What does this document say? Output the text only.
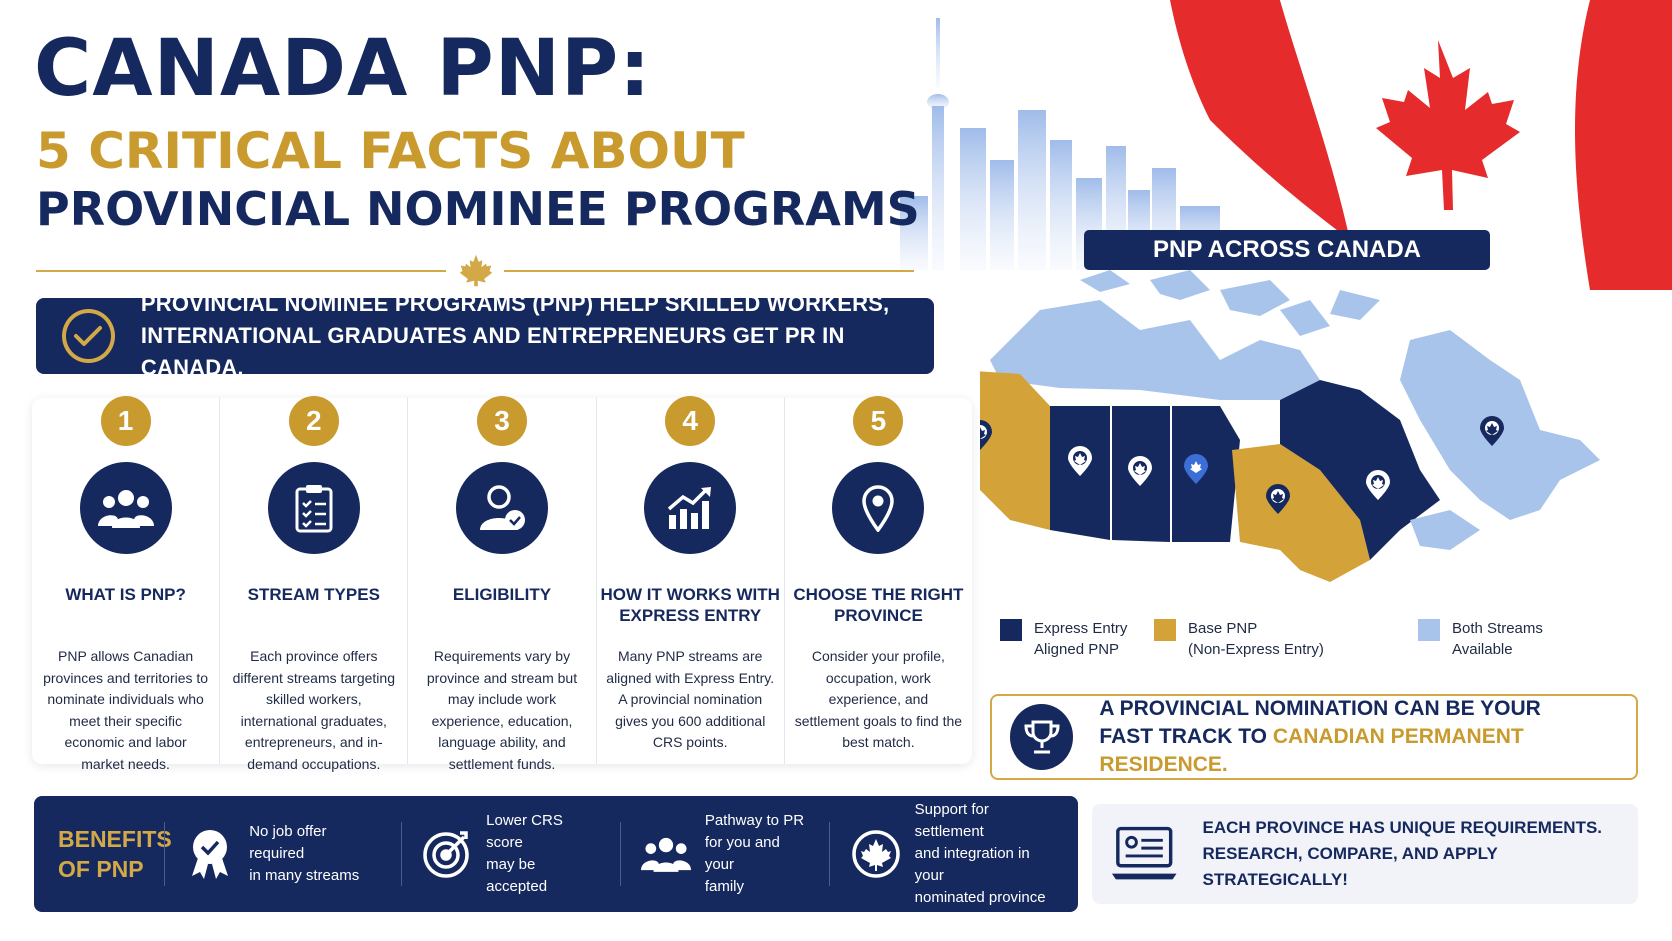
CANADA PNP:
5 CRITICAL FACTS ABOUT
PROVINCIAL NOMINEE PROGRAMS
PROVINCIAL NOMINEE PROGRAMS (PNP) HELP SKILLED WORKERS,
INTERNATIONAL GRADUATES AND ENTREPRENEURS GET PR IN CANADA.
1
WHAT IS PNP?
PNP allows Canadian provinces and territories to nominate individuals who meet their specific economic and labor market needs.
2
STREAM TYPES
Each province offers different streams targeting skilled workers, international graduates, entrepreneurs, and in-demand occupations.
3
ELIGIBILITY
Requirements vary by province and stream but may include work experience, education, language ability, and settlement funds.
4
HOW IT WORKS WITH EXPRESS ENTRY
Many PNP streams are aligned with Express Entry. A provincial nomination gives you 600 additional CRS points.
5
CHOOSE THE RIGHT PROVINCE
Consider your profile, occupation, work experience, and settlement goals to find the best match.
PNP ACROSS CANADA
Express Entry
Aligned PNP
Base PNP
(Non-Express Entry)
Both Streams
Available
A PROVINCIAL NOMINATION CAN BE YOUR
FAST TRACK TO CANADIAN PERMANENT RESIDENCE.
BENEFITS
OF PNP
No job offer required
in many streams
Lower CRS score
may be accepted
Pathway to PR
for you and your
family
Support for settlement
and integration in your
nominated province
EACH PROVINCE HAS UNIQUE REQUIREMENTS.
RESEARCH, COMPARE, AND APPLY STRATEGICALLY!
